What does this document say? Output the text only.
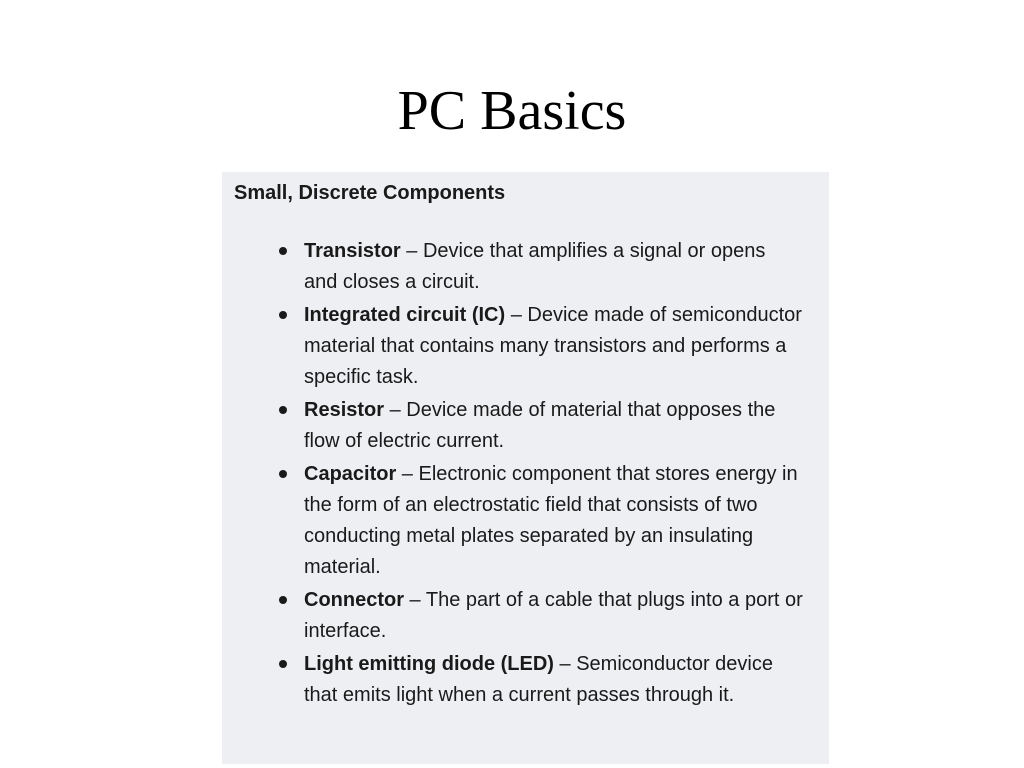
PC Basics
Small, Discrete Components
Transistor – Device that amplifies a signal or opens and closes a circuit.
Integrated circuit (IC) – Device made of semiconductor material that contains many transistors and performs a specific task.
Resistor – Device made of material that opposes the flow of electric current.
Capacitor – Electronic component that stores energy in the form of an electrostatic field that consists of two conducting metal plates separated by an insulating material.
Connector – The part of a cable that plugs into a port or interface.
Light emitting diode (LED) – Semiconductor device that emits light when a current passes through it.
